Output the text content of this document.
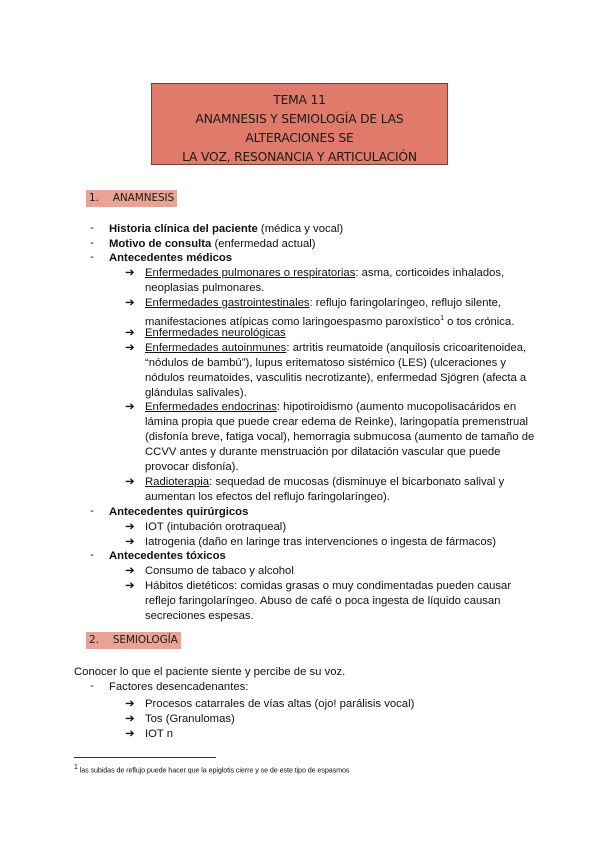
TEMA 11
ANAMNESIS Y SEMIOLOGÍA DE LAS ALTERACIONES SE
LA VOZ, RESONANCIA Y ARTICULACIÓN
1. ANAMNESIS
-	Historia clínica del paciente (médica y vocal)
-	Motivo de consulta (enfermedad actual)
-	Antecedentes médicos
➔ Enfermedades pulmonares o respiratorias: asma, corticoides inhalados,
neoplasias pulmonares.
➔ Enfermedades gastrointestinales: reflujo faringolaríngeo, reflujo silente,
manifestaciones atípicas como laringoespasmo paroxístico$^1$ o tos crónica.
➔ Enfermedades neurológicas
➔ Enfermedades autoinmunes: artritis reumatoide (anquilosis cricoaritenoidea,
“nódulos de bambú”), lupus eritematoso sistémico (LES) (ulceraciones y
nódulos reumatoides, vasculitis necrotizante), enfermedad Sjögren (afecta a
glándulas salivales).
➔ Enfermedades endocrinas: hipotiroidismo (aumento mucopolisacáridos en
lámina propia que puede crear edema de Reinke), laringopatía premenstrual
(disfonía breve, fatiga vocal), hemorragia submucosa (aumento de tamaño de
CCVV antes y durante menstruación por dilatación vascular que puede
provocar disfonía).
➔ Radioterapia: sequedad de mucosas (disminuye el bicarbonato salival y
aumentan los efectos del reflujo faringolaríngeo).
-	Antecedentes quirúrgicos
➔ IOT (intubación orotraqueal)
➔ Iatrogenia (daño en laringe tras intervenciones o ingesta de fármacos)
-	Antecedentes tóxicos
➔ Consumo de tabaco y alcohol
➔ Hábitos dietéticos: comidas grasas o muy condimentadas pueden causar
reflejo faringolaríngeo. Abuso de café o poca ingesta de líquido causan
secreciones espesas.
2. SEMIOLOGÍA
Conocer lo que el paciente siente y percibe de su voz.
-	Factores desencadenantes:
➔ Procesos catarrales de vías altas (ojo! parálisis vocal)
➔ Tos (Granulomas)
➔ IOT n
$^1$ las subidas de reflujo puede hacer que la epiglotis cierre y se de este tipo de espasmos
